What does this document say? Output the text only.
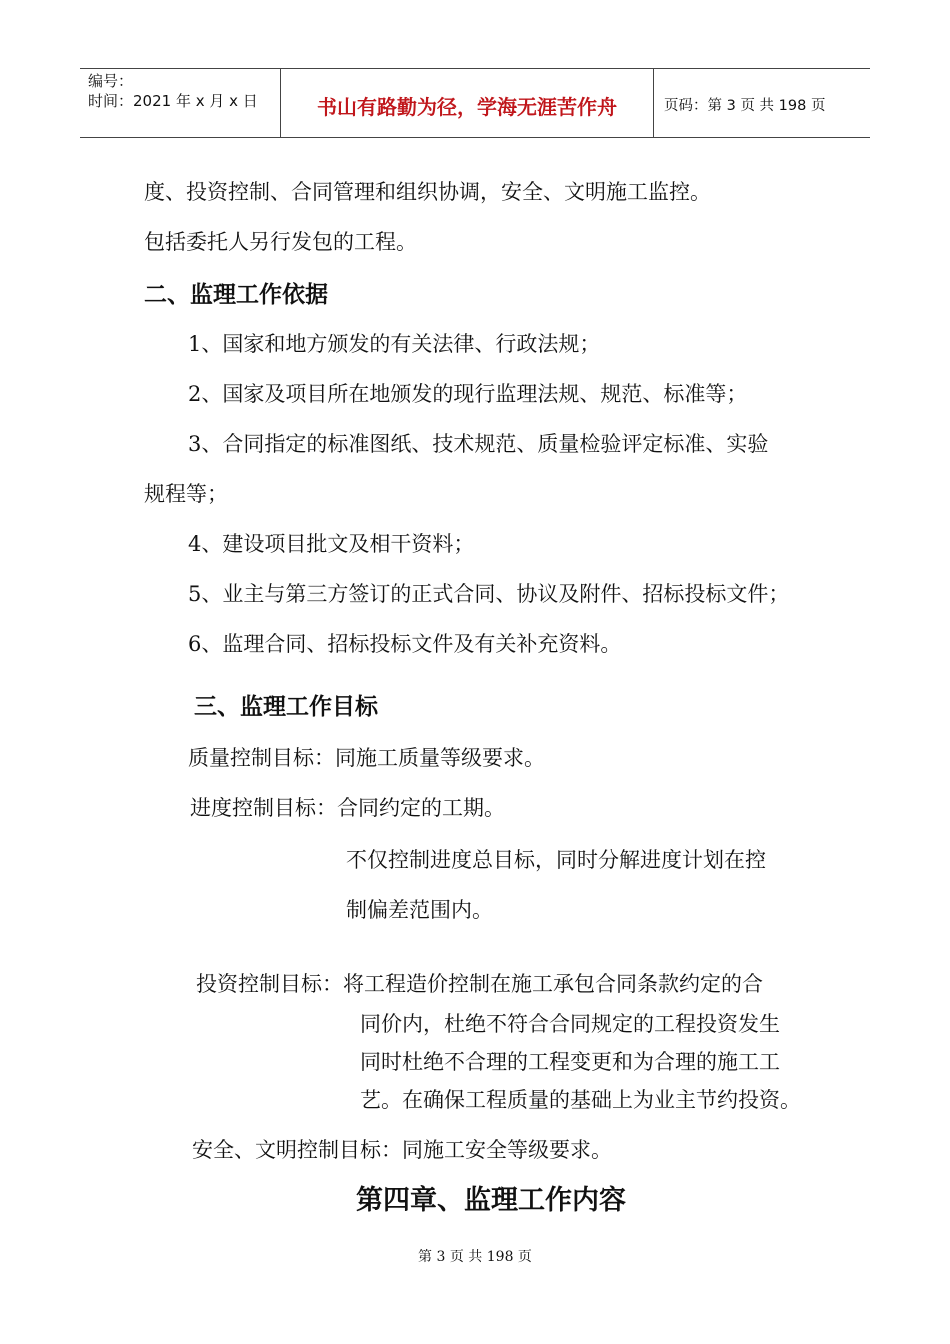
编号：
时间：2021 年 x 月 x 日	书山有路勤为径，学海无涯苦作舟	页码：第 3 页 共 198 页
度、投资控制、合同管理和组织协调，安全、文明施工监控。
包括委托人另行发包的工程。
二、监理工作依据
1、国家和地方颁发的有关法律、行政法规；
2、国家及项目所在地颁发的现行监理法规、规范、标准等；
3、合同指定的标准图纸、技术规范、质量检验评定标准、实验
规程等；
4、建设项目批文及相干资料；
5、业主与第三方签订的正式合同、协议及附件、招标投标文件；
6、监理合同、招标投标文件及有关补充资料。
三、监理工作目标
质量控制目标：同施工质量等级要求。
进度控制目标：合同约定的工期。
不仅控制进度总目标，同时分解进度计划在控
制偏差范围内。
投资控制目标：将工程造价控制在施工承包合同条款约定的合
同价内，杜绝不符合合同规定的工程投资发生
同时杜绝不合理的工程变更和为合理的施工工
艺。在确保工程质量的基础上为业主节约投资。
安全、文明控制目标：同施工安全等级要求。
第四章、监理工作内容
第 3 页 共 198 页
